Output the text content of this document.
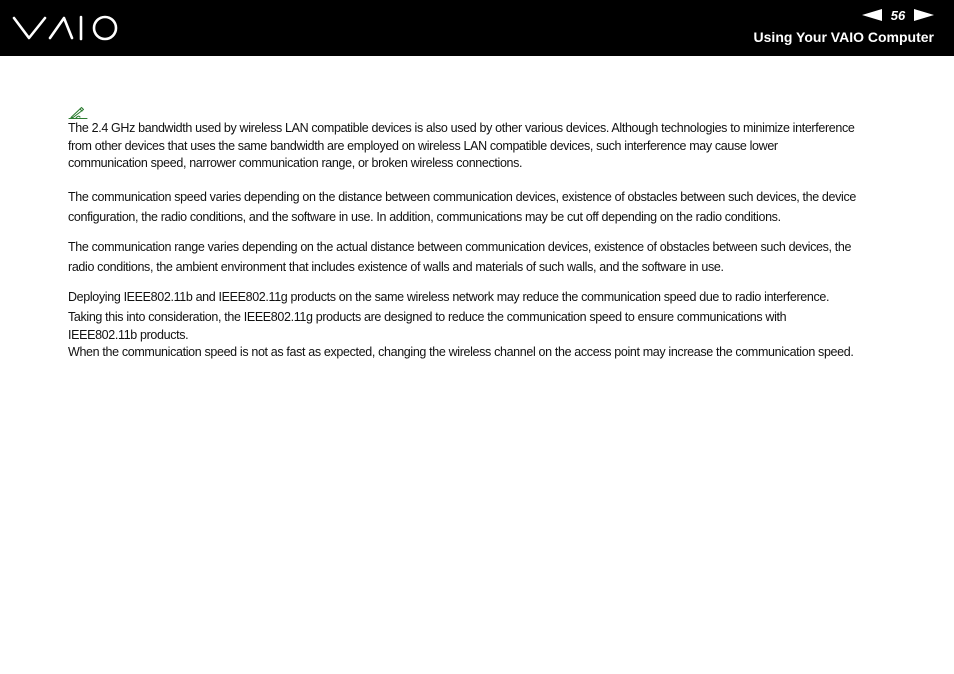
56
Using Your VAIO Computer

The 2.4 GHz bandwidth used by wireless LAN compatible devices is also used by other various devices. Although technologies to minimize interference
from other devices that uses the same bandwidth are employed on wireless LAN compatible devices, such interference may cause lower
communication speed, narrower communication range, or broken wireless connections.

The communication speed varies depending on the distance between communication devices, existence of obstacles between such devices, the device
configuration, the radio conditions, and the software in use. In addition, communications may be cut off depending on the radio conditions.

The communication range varies depending on the actual distance between communication devices, existence of obstacles between such devices, the
radio conditions, the ambient environment that includes existence of walls and materials of such walls, and the software in use.

Deploying IEEE802.11b and IEEE802.11g products on the same wireless network may reduce the communication speed due to radio interference.
Taking this into consideration, the IEEE802.11g products are designed to reduce the communication speed to ensure communications with

IEEE802.11b products.
When the communication speed is not as fast as expected, changing the wireless channel on the access point may increase the communication speed.
